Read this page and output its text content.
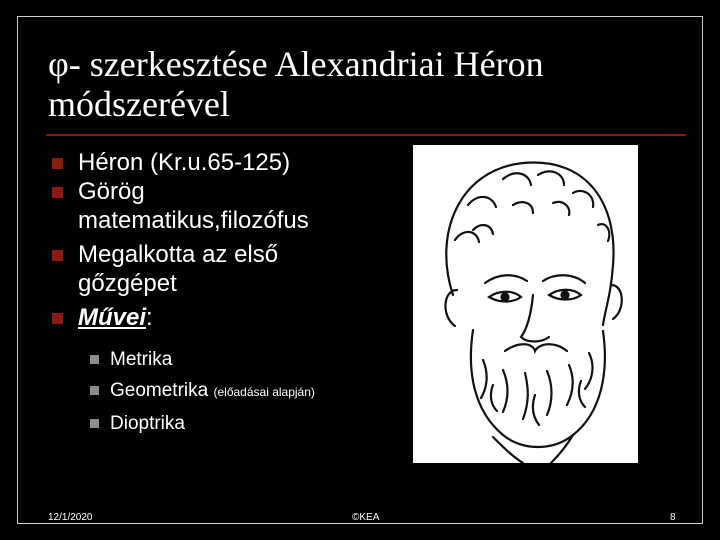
φ- szerkesztése Alexandriai Héron módszerével
Héron (Kr.u.65-125)
Görög matematikus,filozófus
Megalkotta az első gőzgépet
Művei:
Metrika
Geometrika (előadásai alapján)
Dioptrika
12/1/2020	©KEA	8
